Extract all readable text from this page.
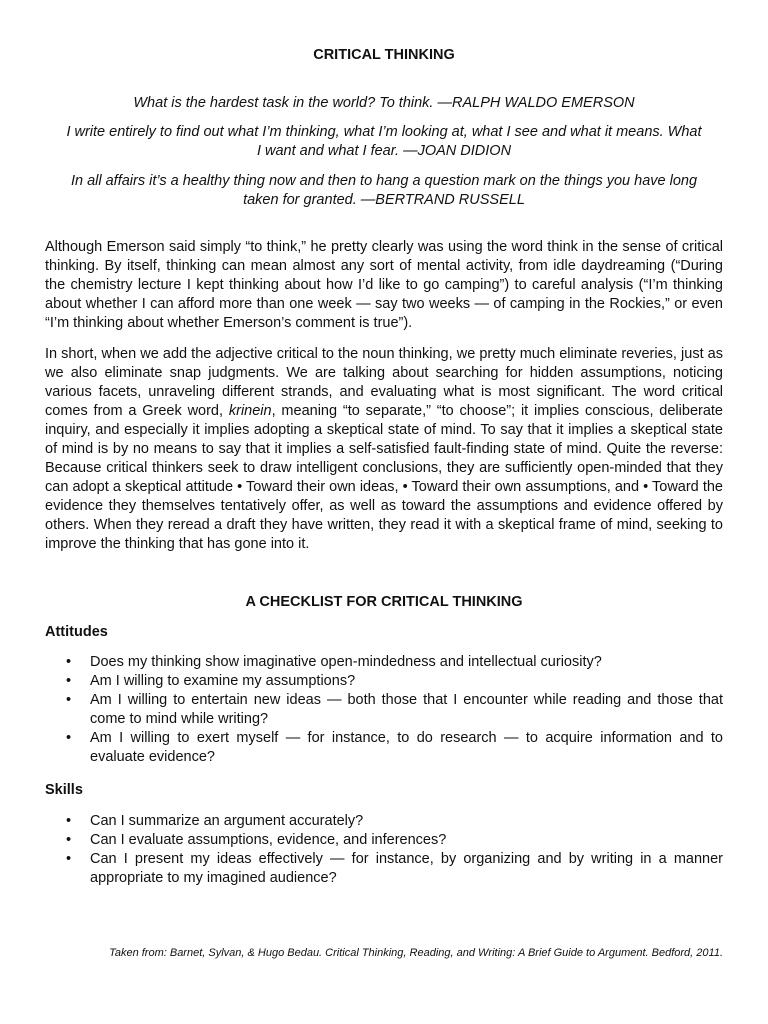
CRITICAL THINKING
What is the hardest task in the world? To think. —RALPH WALDO EMERSON
I write entirely to find out what I’m thinking, what I’m looking at, what I see and what it means. What I want and what I fear. —JOAN DIDION
In all affairs it’s a healthy thing now and then to hang a question mark on the things you have long taken for granted. —BERTRAND RUSSELL
Although Emerson said simply “to think,” he pretty clearly was using the word think in the sense of critical thinking. By itself, thinking can mean almost any sort of mental activity, from idle daydreaming (“During the chemistry lecture I kept thinking about how I’d like to go camping”) to careful analysis (“I’m thinking about whether I can afford more than one week — say two weeks — of camping in the Rockies,” or even “I’m thinking about whether Emerson’s comment is true”).
In short, when we add the adjective critical to the noun thinking, we pretty much eliminate reveries, just as we also eliminate snap judgments. We are talking about searching for hidden assumptions, noticing various facets, unraveling different strands, and evaluating what is most significant. The word critical comes from a Greek word, krinein, meaning “to separate,” “to choose”; it implies conscious, deliberate inquiry, and especially it implies adopting a skeptical state of mind. To say that it implies a skeptical state of mind is by no means to say that it implies a self-satisfied fault-finding state of mind. Quite the reverse: Because critical thinkers seek to draw intelligent conclusions, they are sufficiently open-minded that they can adopt a skeptical attitude • Toward their own ideas, • Toward their own assumptions, and • Toward the evidence they themselves tentatively offer, as well as toward the assumptions and evidence offered by others. When they reread a draft they have written, they read it with a skeptical frame of mind, seeking to improve the thinking that has gone into it.
A CHECKLIST FOR CRITICAL THINKING
Attitudes
•	Does my thinking show imaginative open-mindedness and intellectual curiosity?
•	Am I willing to examine my assumptions?
•	Am I willing to entertain new ideas — both those that I encounter while reading and those that come to mind while writing?
•	Am I willing to exert myself — for instance, to do research — to acquire information and to evaluate evidence?
Skills
•	Can I summarize an argument accurately?
•	Can I evaluate assumptions, evidence, and inferences?
•	Can I present my ideas effectively — for instance, by organizing and by writing in a manner appropriate to my imagined audience?
Taken from: Barnet, Sylvan, & Hugo Bedau. Critical Thinking, Reading, and Writing: A Brief Guide to Argument. Bedford, 2011.
